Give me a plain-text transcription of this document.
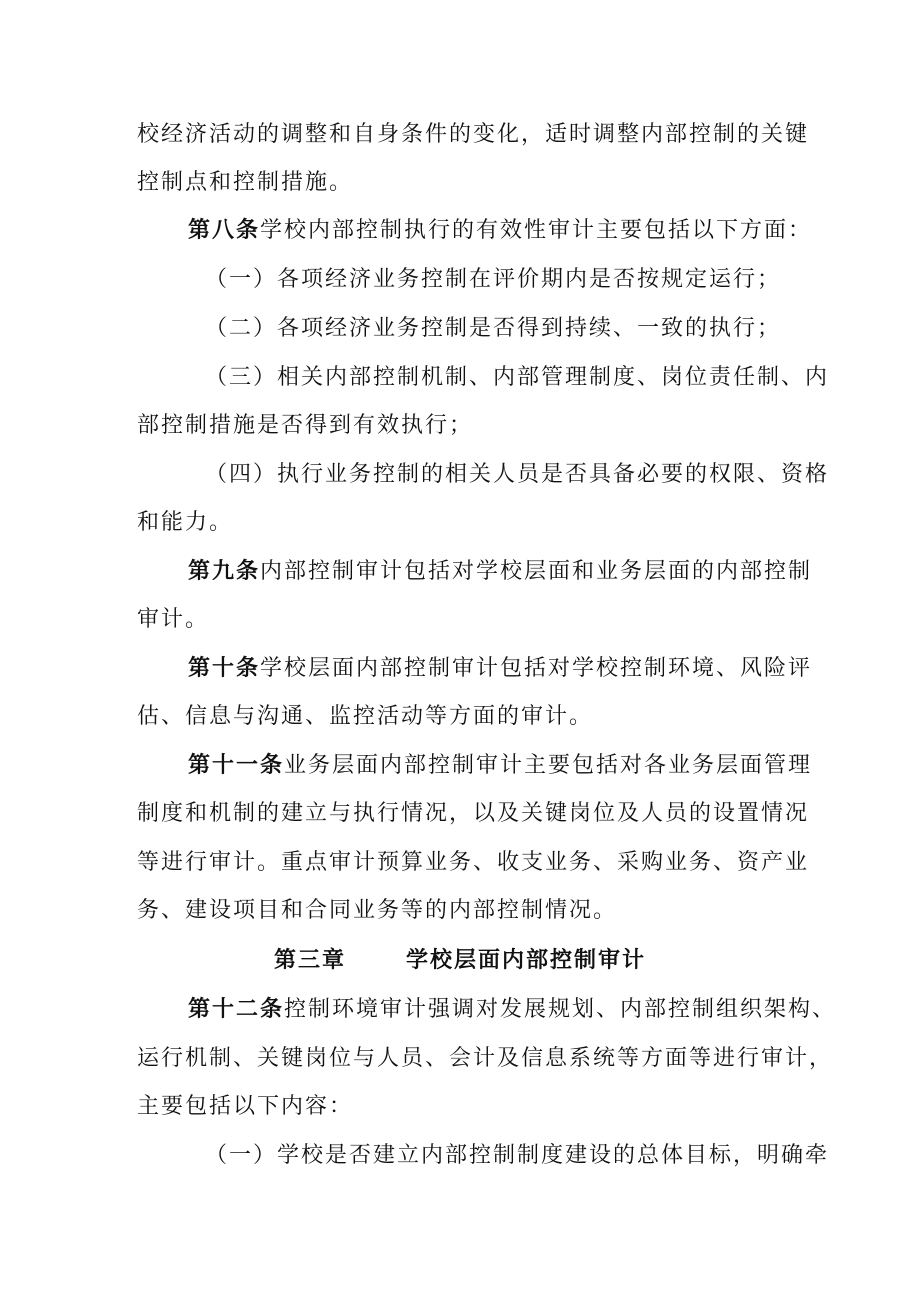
校经济活动的调整和自身条件的变化，适时调整内部控制的关键
控制点和控制措施。
第八条学校内部控制执行的有效性审计主要包括以下方面：
（一）各项经济业务控制在评价期内是否按规定运行；
（二）各项经济业务控制是否得到持续、一致的执行；
（三）相关内部控制机制、内部管理制度、岗位责任制、内
部控制措施是否得到有效执行；
（四）执行业务控制的相关人员是否具备必要的权限、资格
和能力。
第九条内部控制审计包括对学校层面和业务层面的内部控制
审计。
第十条学校层面内部控制审计包括对学校控制环境、风险评
估、信息与沟通、监控活动等方面的审计。
第十一条业务层面内部控制审计主要包括对各业务层面管理
制度和机制的建立与执行情况，以及关键岗位及人员的设置情况
等进行审计。重点审计预算业务、收支业务、采购业务、资产业
务、建设项目和合同业务等的内部控制情况。
第三章	学校层面内部控制审计
第十二条控制环境审计强调对发展规划、内部控制组织架构、
运行机制、关键岗位与人员、会计及信息系统等方面等进行审计，
主要包括以下内容：
（一）学校是否建立内部控制制度建设的总体目标，明确牵
